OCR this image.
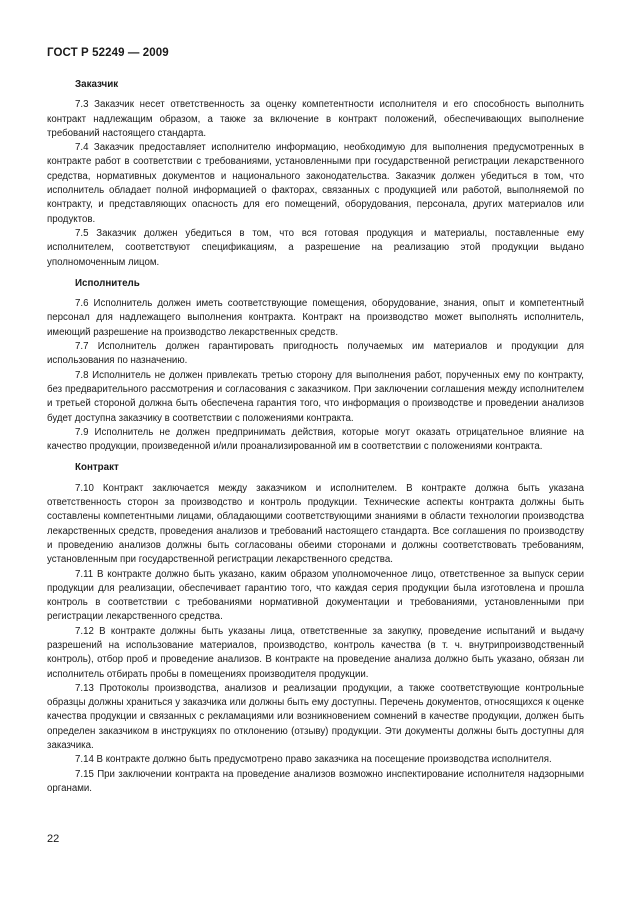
ГОСТ Р 52249 — 2009
Заказчик

7.3 Заказчик несет ответственность за оценку компетентности исполнителя и его способность выполнить контракт надлежащим образом, а также за включение в контракт положений, обеспечивающих выполнение требований настоящего стандарта.

7.4 Заказчик предоставляет исполнителю информацию, необходимую для выполнения предусмотренных в контракте работ в соответствии с требованиями, установленными при государственной регистрации лекарственного средства, нормативных документов и национального законодательства. Заказчик должен убедиться в том, что исполнитель обладает полной информацией о факторах, связанных с продукцией или работой, выполняемой по контракту, и представляющих опасность для его помещений, оборудования, персонала, других материалов или продуктов.

7.5 Заказчик должен убедиться в том, что вся готовая продукция и материалы, поставленные ему исполнителем, соответствуют спецификациям, а разрешение на реализацию этой продукции выдано уполномоченным лицом.

Исполнитель

7.6 Исполнитель должен иметь соответствующие помещения, оборудование, знания, опыт и компетентный персонал для надлежащего выполнения контракта. Контракт на производство может выполнять исполнитель, имеющий разрешение на производство лекарственных средств.

7.7 Исполнитель должен гарантировать пригодность получаемых им материалов и продукции для использования по назначению.

7.8 Исполнитель не должен привлекать третью сторону для выполнения работ, порученных ему по контракту, без предварительного рассмотрения и согласования с заказчиком. При заключении соглашения между исполнителем и третьей стороной должна быть обеспечена гарантия того, что информация о производстве и проведении анализов будет доступна заказчику в соответствии с положениями контракта.

7.9 Исполнитель не должен предпринимать действия, которые могут оказать отрицательное влияние на качество продукции, произведенной и/или проанализированной им в соответствии с положениями контракта.

Контракт

7.10 Контракт заключается между заказчиком и исполнителем. В контракте должна быть указана ответственность сторон за производство и контроль продукции. Технические аспекты контракта должны быть составлены компетентными лицами, обладающими соответствующими знаниями в области технологии производства лекарственных средств, проведения анализов и требований настоящего стандарта. Все соглашения по производству и проведению анализов должны быть согласованы обеими сторонами и должны соответствовать требованиям, установленным при государственной регистрации лекарственного средства.

7.11 В контракте должно быть указано, каким образом уполномоченное лицо, ответственное за выпуск серии продукции для реализации, обеспечивает гарантию того, что каждая серия продукции была изготовлена и прошла контроль в соответствии с требованиями нормативной документации и требованиями, установленными при регистрации лекарственного средства.

7.12 В контракте должны быть указаны лица, ответственные за закупку, проведение испытаний и выдачу разрешений на использование материалов, производство, контроль качества (в т. ч. внутрипроизводственный контроль), отбор проб и проведение анализов. В контракте на проведение анализа должно быть указано, обязан ли исполнитель отбирать пробы в помещениях производителя продукции.

7.13 Протоколы производства, анализов и реализации продукции, а также соответствующие контрольные образцы должны храниться у заказчика или должны быть ему доступны. Перечень документов, относящихся к оценке качества продукции и связанных с рекламациями или возникновением сомнений в качестве продукции, должен быть определен заказчиком в инструкциях по отклонению (отзыву) продукции. Эти документы должны быть доступны для заказчика.

7.14 В контракте должно быть предусмотрено право заказчика на посещение производства исполнителя.

7.15 При заключении контракта на проведение анализов возможно инспектирование исполнителя надзорными органами.

22
